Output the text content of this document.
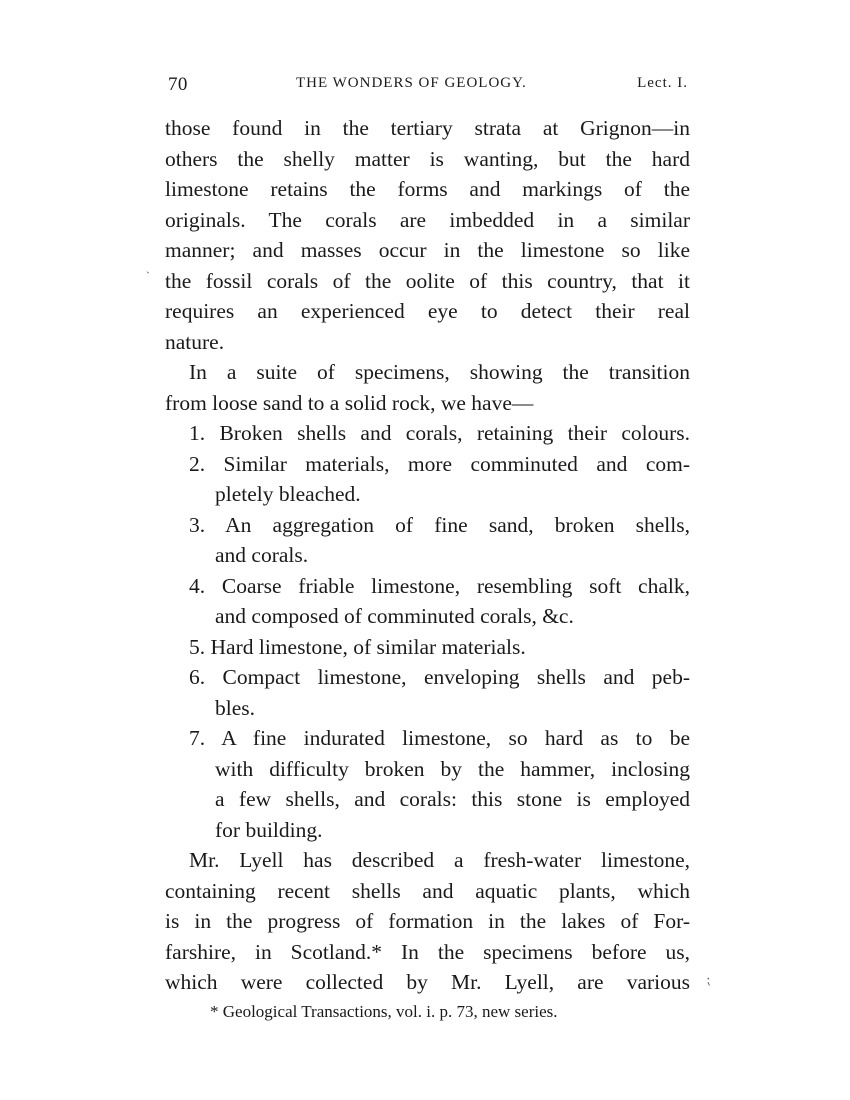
70	THE WONDERS OF GEOLOGY.	Lect. I.
those found in the tertiary strata at Grignon—in
others the shelly matter is wanting, but the hard
limestone retains the forms and markings of the
originals. The corals are imbedded in a similar
manner; and masses occur in the limestone so like
the fossil corals of the oolite of this country, that it
requires an experienced eye to detect their real
nature.
In a suite of specimens, showing the transition
from loose sand to a solid rock, we have—
1. Broken shells and corals, retaining their colours.
2. Similar materials, more comminuted and com-
pletely bleached.
3. An aggregation of fine sand, broken shells,
and corals.
4. Coarse friable limestone, resembling soft chalk,
and composed of comminuted corals, &c.
5. Hard limestone, of similar materials.
6. Compact limestone, enveloping shells and peb-
bles.
7. A fine indurated limestone, so hard as to be
with difficulty broken by the hammer, inclosing
a few shells, and corals: this stone is employed
for building.
Mr. Lyell has described a fresh-water limestone,
containing recent shells and aquatic plants, which
is in the progress of formation in the lakes of For-
farshire, in Scotland.* In the specimens before us,
which were collected by Mr. Lyell, are various
* Geological Transactions, vol. i. p. 73, new series.
ˏ
⁏
